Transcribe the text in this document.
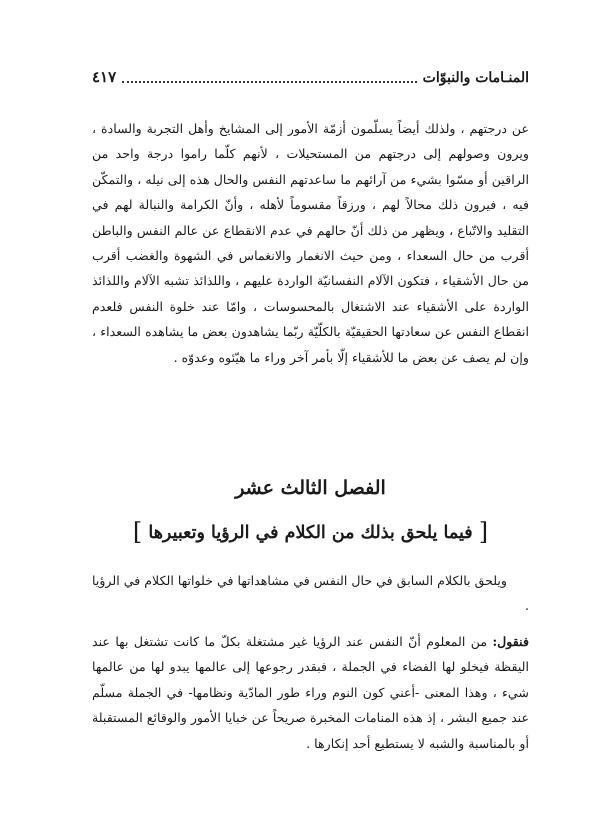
المنـامات والنبوّات
٤١٧

عن درجتهم ، ولذلك أيضاً يسلّمون أزمّة الأمور إلى المشايخ وأهل التجربة والسادة ، ويرون وصولهم إلى درجتهم من المستحيلات ، لأنهم كلّما راموا درجة واحد من الراقين أو مسّوا بشيء من آرائهم ما ساعدتهم النفس والحال هذه إلى نيله ، والتمكّن فيه ، فيرون ذلك محالاً لهم ، ورزقاً مقسوماً لأهله ، وأنّ الكرامة والنبالة لهم في التقليد والاتّباع ، ويظهر من ذلك أنّ حالهم في عدم الانقطاع عن عالم النفس والباطن أقرب من حال السعداء ، ومن حيث الانغمار والانغماس في الشهوة والغضب أقرب من حال الأشقياء ، فتكون الآلام النفسانيّة الواردة عليهم ، واللذائذ تشبه الآلام واللذائذ الواردة على الأشقياء عند الاشتغال بالمحسوسات ، وامّا عند خلوة النفس فلعدم انقطاع النفس عن سعادتها الحقيقيّة بالكلّيّة ربّما يشاهدون بعض ما يشاهده السعداء ، وإن لم يصف عن بعض ما للأشقياء إلّا بأمر آخر وراء ما هيّئوه وعدوّه .

الفصل الثالث عشر
[ فيما يلحق بذلك من الكلام في الرؤيا وتعبيرها ]

ويلحق بالكلام السابق في حال النفس في مشاهداتها في خلواتها الكلام في الرؤيا .

فنقول: من المعلوم أنّ النفس عند الرؤيا غير مشتغلة بكلّ ما كانت تشتغل بها عند اليقظة فيخلو لها الفضاء في الجملة ، فبقدر رجوعها إلى عالمها يبدو لها من عالمها شيء ، وهذا المعنى -أعني كون النوم وراء طور المادّية ونظامها- في الجملة مسلّم عند جميع البشر ، إذ هذه المنامات المخبرة صريحاً عن خبايا الأمور والوقائع المستقبلة أو بالمناسبة والشبه لا يستطيع أحد إنكارها .
